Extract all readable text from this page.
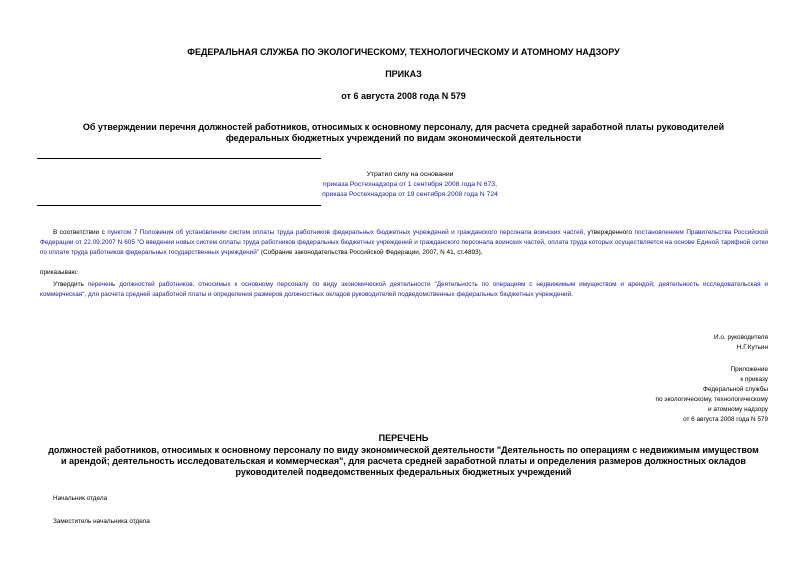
ФЕДЕРАЛЬНАЯ СЛУЖБА ПО ЭКОЛОГИЧЕСКОМУ, ТЕХНОЛОГИЧЕСКОМУ И АТОМНОМУ НАДЗОРУ
ПРИКАЗ
от 6 августа 2008 года N 579
Об утверждении перечня должностей работников, относимых к основному персоналу, для расчета средней заработной платы руководителей федеральных бюджетных учреждений по видам экономической деятельности
Утратил силу на основании
приказа Ростехнадзора от 1 сентября 2008 года N 673,
приказа Ростехнадзора от 19 сентября 2008 года N 724
В соответствии с пунктом 7 Положения об установлении систем оплаты труда работников федеральных бюджетных учреждений и гражданского персонала воинских частей, утвержденного постановлением Правительства Российской Федерации от 22.09.2007 N 605 "О введении новых систем оплаты труда работников федеральных бюджетных учреждений и гражданского персонала воинских частей, оплата труда которых осуществляется на основе Единой тарифной сетки по оплате труда работников федеральных государственных учреждений" (Собрание законодательства Российской Федерации, 2007, N 41, ст.4893),
приказываю:
Утвердить перечень должностей работников, относимых к основному персоналу по виду экономической деятельности "Деятельность по операциям с недвижимым имуществом и арендой; деятельность исследовательская и коммерческая", для расчета средней заработной платы и определения размеров должностных окладов руководителей подведомственных федеральных бюджетных учреждений.
И.о. руководителя
Н.Г.Кутьин
Приложение
к приказу
Федеральной службы
по экологическому, технологическому
и атомному надзору
от 6 августа 2008 года N 579
ПЕРЕЧЕНЬ
должностей работников, относимых к основному персоналу по виду экономической деятельности "Деятельность по операциям с недвижимым имуществом и арендой; деятельность исследовательская и коммерческая", для расчета средней заработной платы и определения размеров должностных окладов руководителей подведомственных федеральных бюджетных учреждений
Начальник отдела
Заместитель начальника отдела
